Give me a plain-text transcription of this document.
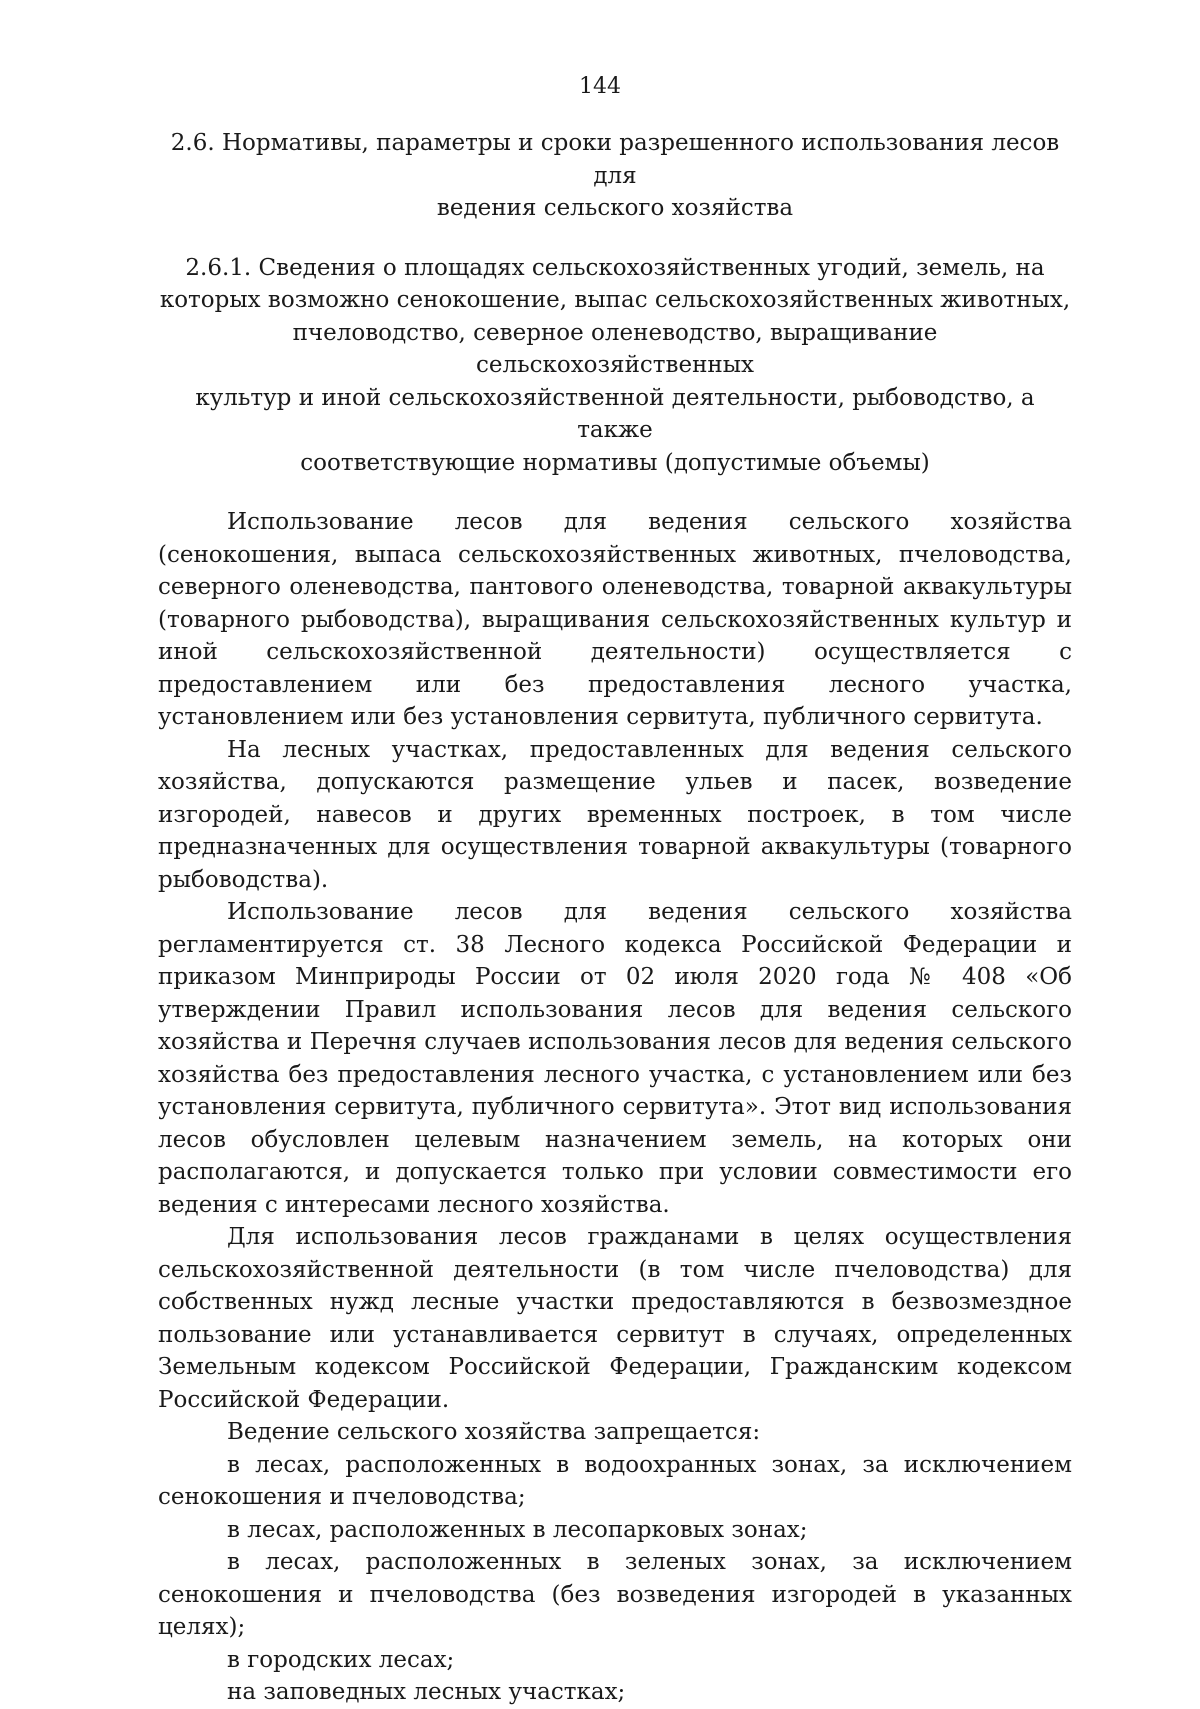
144
2.6. Нормативы, параметры и сроки разрешенного использования лесов для
ведения сельского хозяйства
2.6.1. Сведения о площадях сельскохозяйственных угодий, земель, на
которых возможно сенокошение, выпас сельскохозяйственных животных,
пчеловодство, северное оленеводство, выращивание сельскохозяйственных
культур и иной сельскохозяйственной деятельности, рыбоводство, а также
соответствующие нормативы (допустимые объемы)

Использование лесов для ведения сельского хозяйства (сенокошения, выпаса сельскохозяйственных животных, пчеловодства, северного оленеводства, пантового оленеводства, товарной аквакультуры (товарного рыбоводства), выращивания сельскохозяйственных культур и иной сельскохозяйственной деятельности) осуществляется с предоставлением или без предоставления лесного участка, установлением или без установления сервитута, публичного сервитута.

На лесных участках, предоставленных для ведения сельского хозяйства, допускаются размещение ульев и пасек, возведение изгородей, навесов и других временных построек, в том числе предназначенных для осуществления товарной аквакультуры (товарного рыбоводства).

Использование лесов для ведения сельского хозяйства регламентируется ст. 38 Лесного кодекса Российской Федерации и приказом Минприроды России от 02 июля 2020 года № 408 «Об утверждении Правил использования лесов для ведения сельского хозяйства и Перечня случаев использования лесов для ведения сельского хозяйства без предоставления лесного участка, с установлением или без установления сервитута, публичного сервитута». Этот вид использования лесов обусловлен целевым назначением земель, на которых они располагаются, и допускается только при условии совместимости его ведения с интересами лесного хозяйства.

Для использования лесов гражданами в целях осуществления сельскохозяйственной деятельности (в том числе пчеловодства) для собственных нужд лесные участки предоставляются в безвозмездное пользование или устанавливается сервитут в случаях, определенных Земельным кодексом Российской Федерации, Гражданским кодексом Российской Федерации.

Ведение сельского хозяйства запрещается:

в лесах, расположенных в водоохранных зонах, за исключением сенокошения и пчеловодства;

в лесах, расположенных в лесопарковых зонах;

в лесах, расположенных в зеленых зонах, за исключением сенокошения и пчеловодства (без возведения изгородей в указанных целях);

в городских лесах;

на заповедных лесных участках;
